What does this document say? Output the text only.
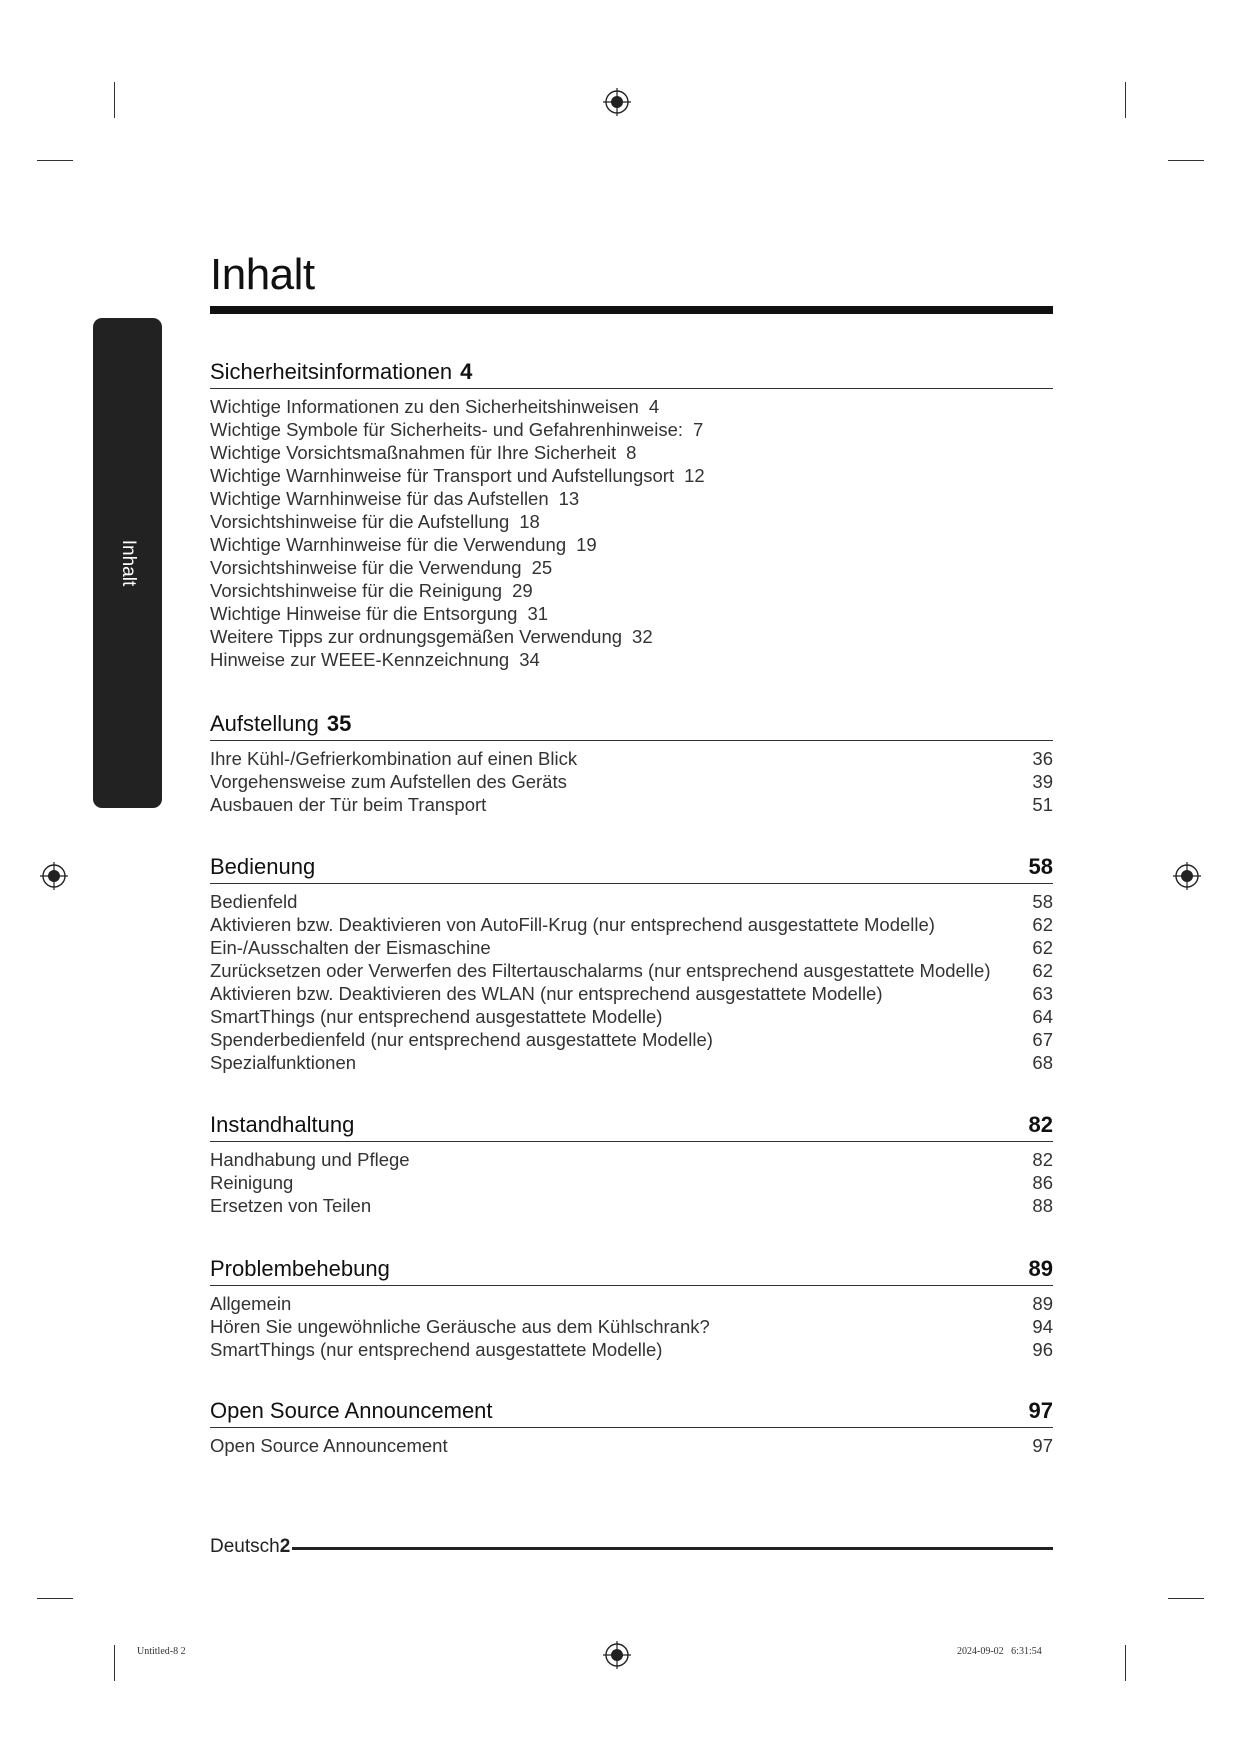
Inhalt
Inhalt
Sicherheitsinformationen 4
Wichtige Informationen zu den Sicherheitshinweisen 4
Wichtige Symbole für Sicherheits- und Gefahrenhinweise: 7
Wichtige Vorsichtsmaßnahmen für Ihre Sicherheit 8
Wichtige Warnhinweise für Transport und Aufstellungsort 12
Wichtige Warnhinweise für das Aufstellen 13
Vorsichtshinweise für die Aufstellung 18
Wichtige Warnhinweise für die Verwendung 19
Vorsichtshinweise für die Verwendung 25
Vorsichtshinweise für die Reinigung 29
Wichtige Hinweise für die Entsorgung 31
Weitere Tipps zur ordnungsgemäßen Verwendung 32
Hinweise zur WEEE-Kennzeichnung 34
Aufstellung 35
Ihre Kühl-/Gefrierkombination auf einen Blick	36
Vorgehensweise zum Aufstellen des Geräts	39
Ausbauen der Tür beim Transport	51
Bedienung	58
Bedienfeld	58
Aktivieren bzw. Deaktivieren von AutoFill-Krug (nur entsprechend ausgestattete Modelle)	62
Ein-/Ausschalten der Eismaschine	62
Zurücksetzen oder Verwerfen des Filtertauschalarms (nur entsprechend ausgestattete Modelle) 62
Aktivieren bzw. Deaktivieren des WLAN (nur entsprechend ausgestattete Modelle)	63
SmartThings (nur entsprechend ausgestattete Modelle)	64
Spenderbedienfeld (nur entsprechend ausgestattete Modelle)	67
Spezialfunktionen	68
Instandhaltung	82
Handhabung und Pflege	82
Reinigung	86
Ersetzen von Teilen	88
Problembehebung	89
Allgemein	89
Hören Sie ungewöhnliche Geräusche aus dem Kühlschrank?	94
SmartThings (nur entsprechend ausgestattete Modelle)	96
Open Source Announcement	97
Open Source Announcement	97
Deutsch2
Untitled-8 2	2024-09-02   6:31:54
